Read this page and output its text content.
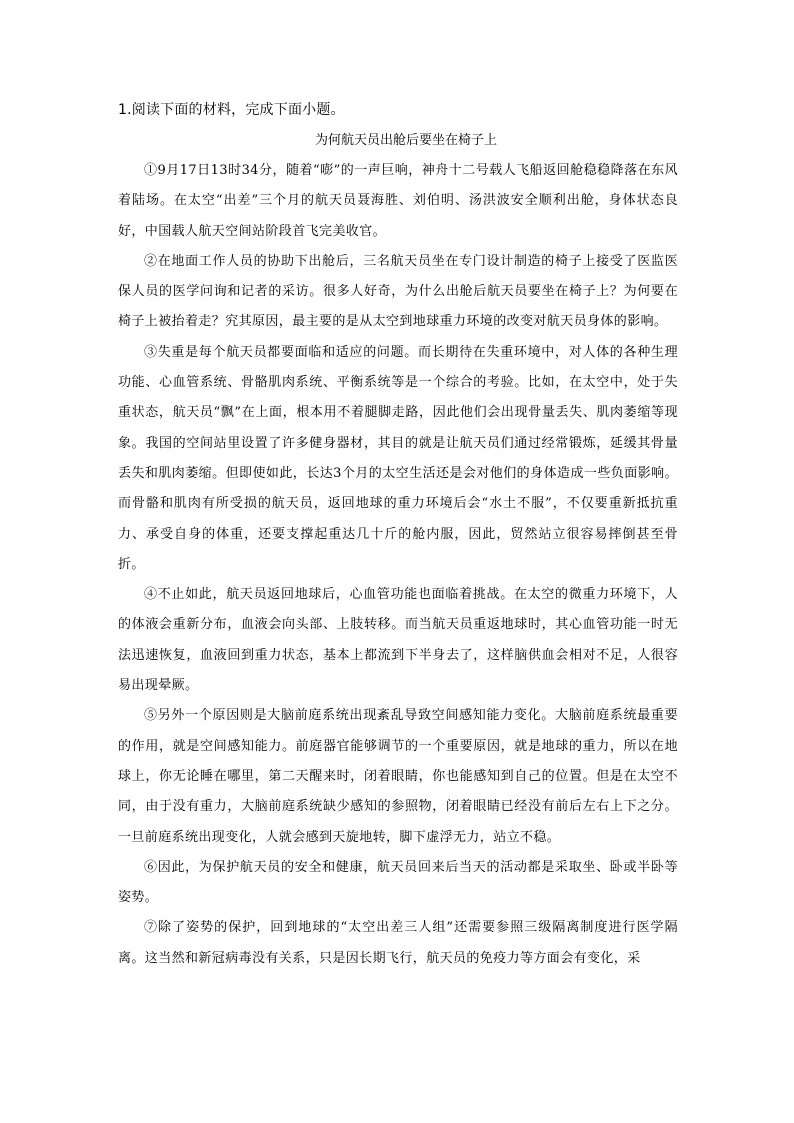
1.阅读下面的材料，完成下面小题。

为何航天员出舱后要坐在椅子上

①9月17日13时34分，随着“嘭”的一声巨响，神舟十二号载人飞船返回舱稳稳降落在东风着陆场。在太空“出差”三个月的航天员聂海胜、刘伯明、汤洪波安全顺利出舱，身体状态良好，中国载人航天空间站阶段首飞完美收官。

②在地面工作人员的协助下出舱后，三名航天员坐在专门设计制造的椅子上接受了医监医保人员的医学问询和记者的采访。很多人好奇，为什么出舱后航天员要坐在椅子上？为何要在椅子上被抬着走？究其原因，最主要的是从太空到地球重力环境的改变对航天员身体的影响。

③失重是每个航天员都要面临和适应的问题。而长期待在失重环境中，对人体的各种生理功能、心血管系统、骨骼肌肉系统、平衡系统等是一个综合的考验。比如，在太空中，处于失重状态，航天员“飘”在上面，根本用不着腿脚走路，因此他们会出现骨量丢失、肌肉萎缩等现象。我国的空间站里设置了许多健身器材，其目的就是让航天员们通过经常锻炼，延缓其骨量丢失和肌肉萎缩。但即使如此，长达3个月的太空生活还是会对他们的身体造成一些负面影响。而骨骼和肌肉有所受损的航天员，返回地球的重力环境后会“水土不服”，不仅要重新抵抗重力、承受自身的体重，还要支撑起重达几十斤的舱内服，因此，贸然站立很容易摔倒甚至骨折。

④不止如此，航天员返回地球后，心血管功能也面临着挑战。在太空的微重力环境下，人的体液会重新分布，血液会向头部、上肢转移。而当航天员重返地球时，其心血管功能一时无法迅速恢复，血液回到重力状态，基本上都流到下半身去了，这样脑供血会相对不足，人很容易出现晕厥。

⑤另外一个原因则是大脑前庭系统出现紊乱导致空间感知能力变化。大脑前庭系统最重要的作用，就是空间感知能力。前庭器官能够调节的一个重要原因，就是地球的重力，所以在地球上，你无论睡在哪里，第二天醒来时，闭着眼睛，你也能感知到自己的位置。但是在太空不同，由于没有重力，大脑前庭系统缺少感知的参照物，闭着眼睛已经没有前后左右上下之分。一旦前庭系统出现变化，人就会感到天旋地转，脚下虚浮无力，站立不稳。

⑥因此，为保护航天员的安全和健康，航天员回来后当天的活动都是采取坐、卧或半卧等姿势。

⑦除了姿势的保护，回到地球的“太空出差三人组”还需要参照三级隔离制度进行医学隔离。这当然和新冠病毒没有关系，只是因长期飞行，航天员的免疫力等方面会有变化，采
